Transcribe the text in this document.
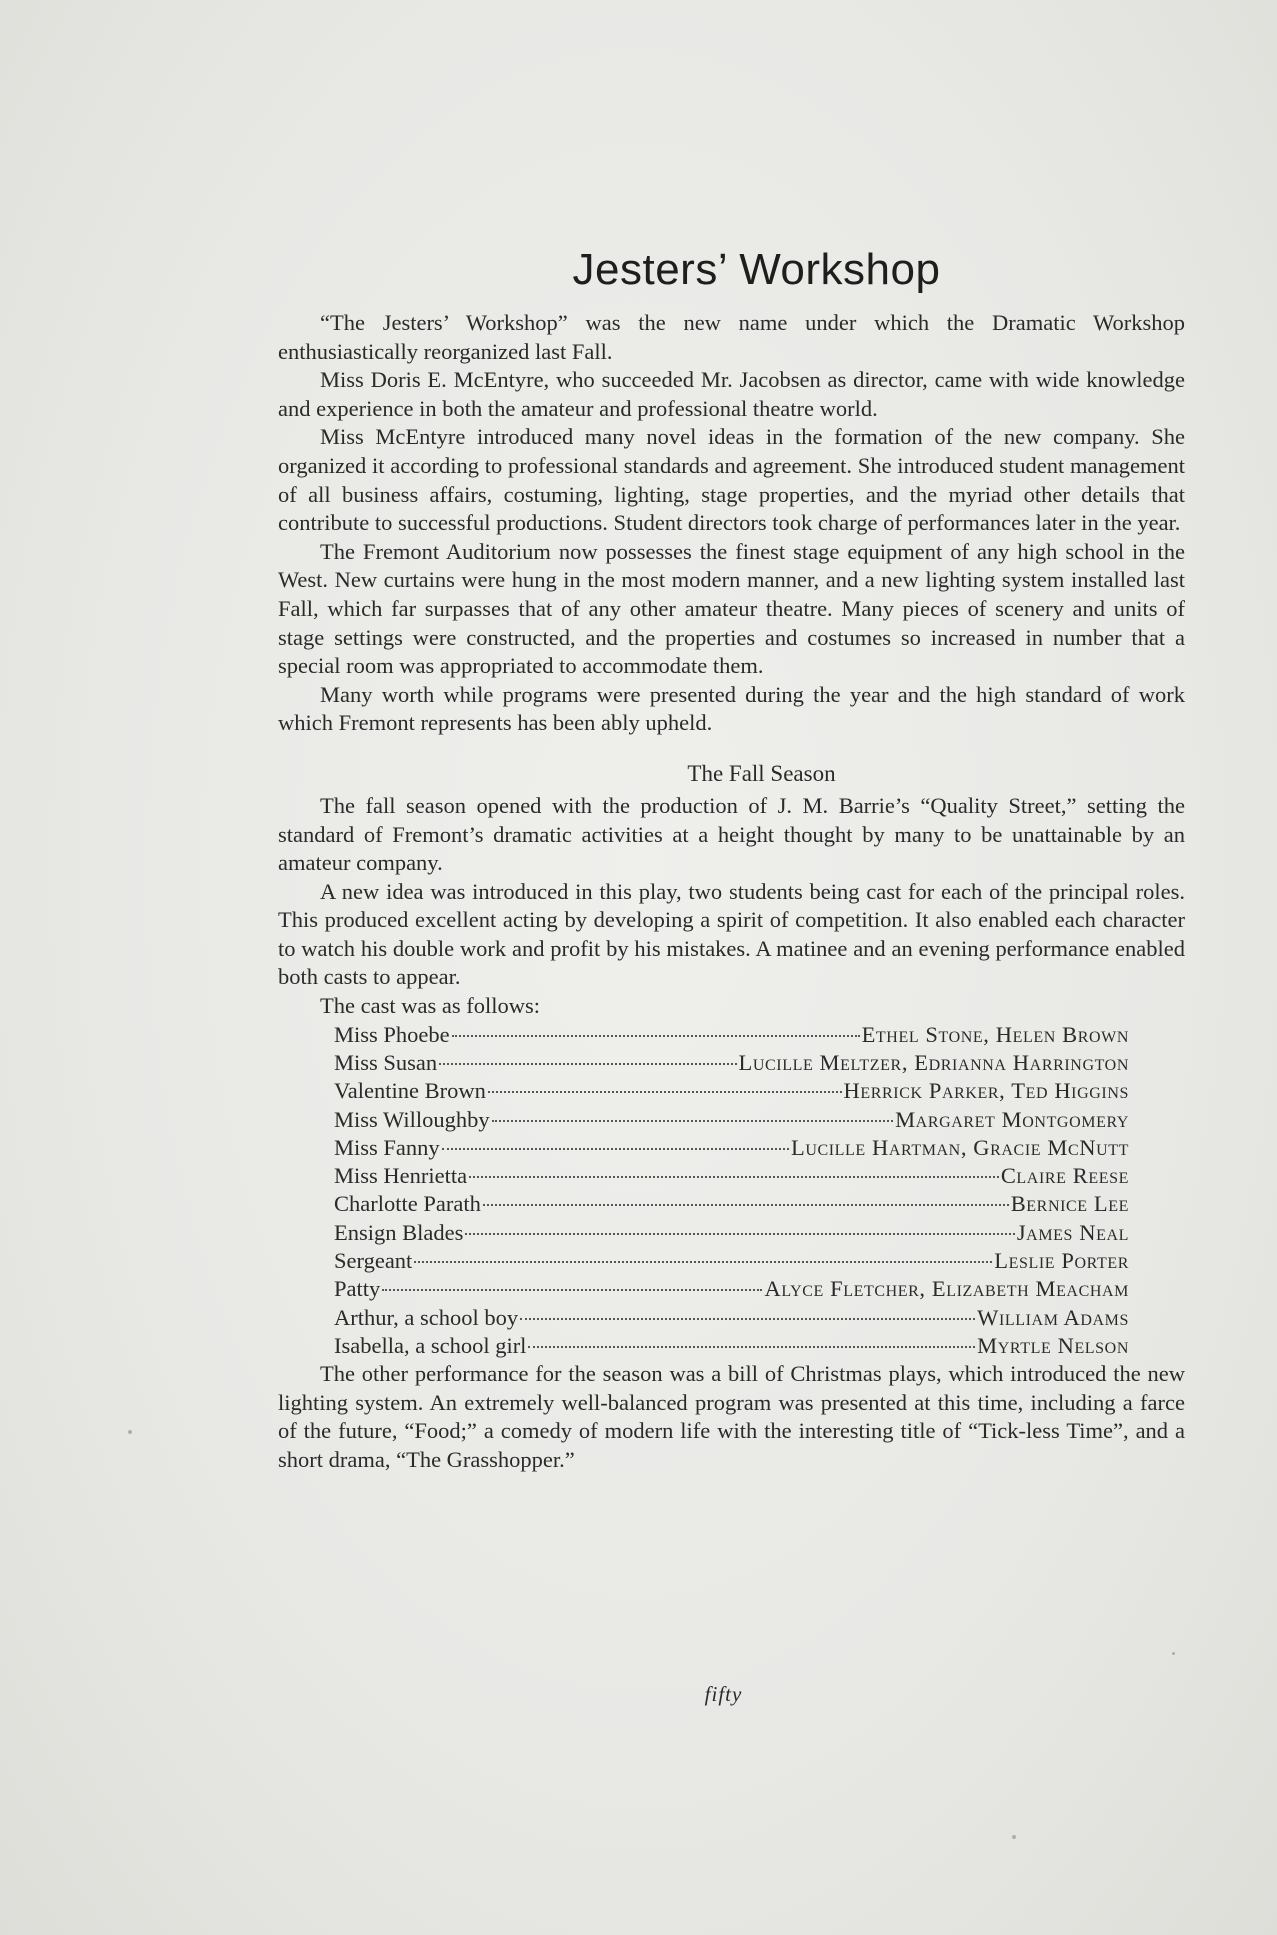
Jesters’ Workshop

“The Jesters’ Workshop” was the new name under which the Dramatic Workshop enthusiastically reorganized last Fall.

Miss Doris E. McEntyre, who succeeded Mr. Jacobsen as director, came with wide knowledge and experience in both the amateur and professional theatre world.

Miss McEntyre introduced many novel ideas in the formation of the new company. She organized it according to professional standards and agreement. She introduced student management of all business affairs, costuming, lighting, stage properties, and the myriad other details that contribute to successful productions. Student directors took charge of performances later in the year.

The Fremont Auditorium now possesses the finest stage equipment of any high school in the West. New curtains were hung in the most modern manner, and a new lighting system installed last Fall, which far surpasses that of any other amateur theatre. Many pieces of scenery and units of stage settings were constructed, and the properties and costumes so increased in number that a special room was appropriated to accommodate them.

Many worth while programs were presented during the year and the high standard of work which Fremont represents has been ably upheld.

The Fall Season

The fall season opened with the production of J. M. Barrie’s “Quality Street,” setting the standard of Fremont’s dramatic activities at a height thought by many to be unattainable by an amateur company.

A new idea was introduced in this play, two students being cast for each of the principal roles. This produced excellent acting by developing a spirit of competition. It also enabled each character to watch his double work and profit by his mistakes. A matinee and an evening performance enabled both casts to appear.

The cast was as follows:

Miss Phoebe	Ethel Stone, Helen Brown
Miss Susan	Lucille Meltzer, Edrianna Harrington
Valentine Brown	Herrick Parker, Ted Higgins
Miss Willoughby	Margaret Montgomery
Miss Fanny	Lucille Hartman, Gracie McNutt
Miss Henrietta	Claire Reese
Charlotte Parath	Bernice Lee
Ensign Blades	James Neal
Sergeant	Leslie Porter
Patty	Alyce Fletcher, Elizabeth Meacham
Arthur, a school boy	William Adams
Isabella, a school girl	Myrtle Nelson

The other performance for the season was a bill of Christmas plays, which introduced the new lighting system. An extremely well-balanced program was presented at this time, including a farce of the future, “Food;” a comedy of modern life with the interesting title of “Tick-less Time”, and a short drama, “The Grasshopper.”

fifty
